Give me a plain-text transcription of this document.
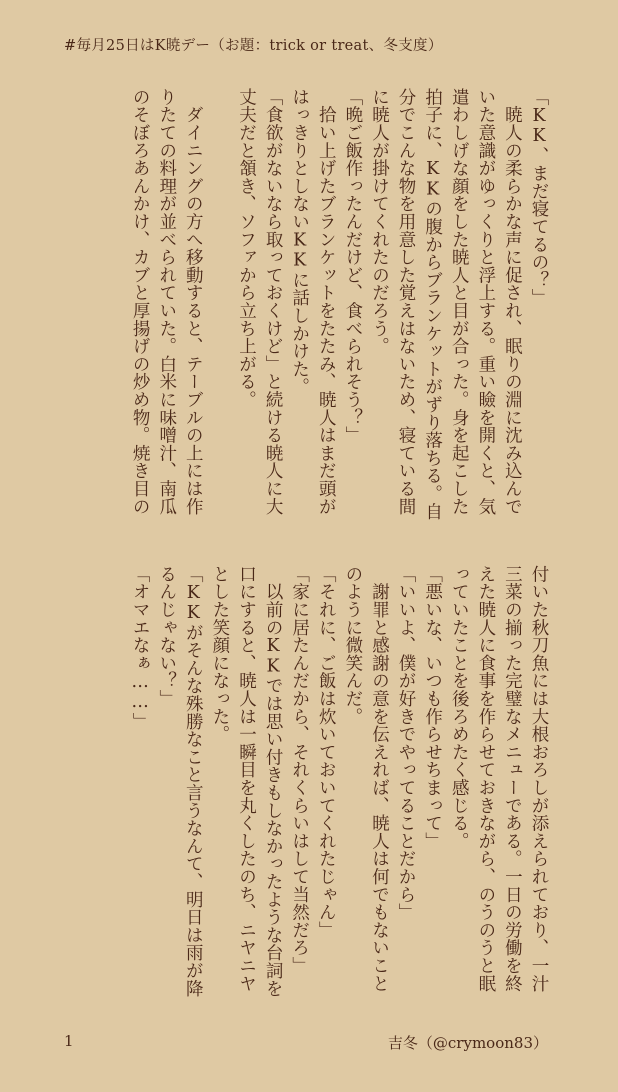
#毎月25日はK暁デー（お題：trick or treat、冬支度）
「KK、まだ寝てるの？」
　暁人の柔らかな声に促され、眠りの淵に沈み込んでいた意識がゆっくりと浮上する。重い瞼を開くと、気遣わしげな顔をした暁人と目が合った。身を起こした拍子に、KKの腹からブランケットがずり落ちる。自分でこんな物を用意した覚えはないため、寝ている間に暁人が掛けてくれたのだろう。
「晩ご飯作ったんだけど、食べられそう？」
　拾い上げたブランケットをたたみ、暁人はまだ頭がはっきりとしないKKに話しかけた。
「食欲がないなら取っておくけど」と続ける暁人に大丈夫だと頷き、ソファから立ち上がる。

　ダイニングの方へ移動すると、テーブルの上には作りたての料理が並べられていた。白米に味噌汁、南瓜のそぼろあんかけ、カブと厚揚げの炒め物。焼き目の
付いた秋刀魚には大根おろしが添えられており、一汁三菜の揃った完璧なメニューである。一日の労働を終えた暁人に食事を作らせておきながら、のうのうと眠っていたことを後ろめたく感じる。
「悪いな、いつも作らせちまって」
「いいよ、僕が好きでやってることだから」
　謝罪と感謝の意を伝えれば、暁人は何でもないことのように微笑んだ。
「それに、ご飯は炊いておいてくれたじゃん」
「家に居たんだから、それくらいはして当然だろ」
　以前のKKでは思い付きもしなかったような台詞を口にすると、暁人は一瞬目を丸くしたのち、ニヤニヤとした笑顔になった。
「KKがそんな殊勝なこと言うなんて、明日は雨が降るんじゃない？」
「オマエなぁ……」
1	吉冬（@crymoon83）
